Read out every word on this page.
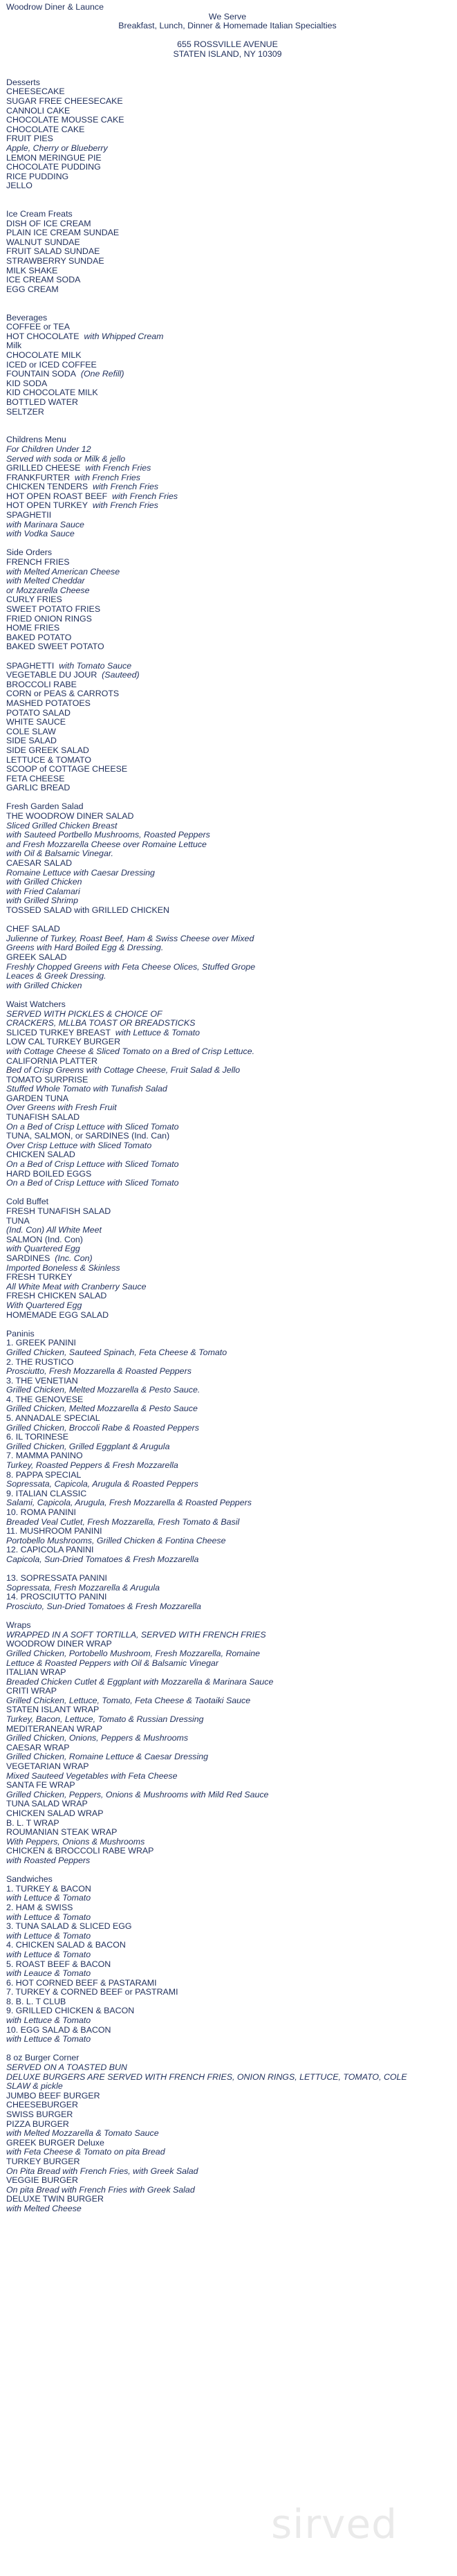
Woodrow Diner & Launce
We Serve
Breakfast, Lunch, Dinner & Homemade Italian Specialties
655 ROSSVILLE AVENUE
STATEN ISLAND, NY 10309
Desserts
CHEESECAKE
SUGAR FREE CHEESECAKE
CANNOLI CAKE
CHOCOLATE MOUSSE CAKE
CHOCOLATE CAKE
FRUIT PIES
Apple, Cherry or Blueberry
LEMON MERINGUE PIE
CHOCOLATE PUDDING
RICE PUDDING
JELLO
Ice Cream Freats
DISH OF ICE CREAM
PLAIN ICE CREAM SUNDAE
WALNUT SUNDAE
FRUIT SALAD SUNDAE
STRAWBERRY SUNDAE
MILK SHAKE
ICE CREAM SODA
EGG CREAM
Beverages
COFFEE or TEA
HOT CHOCOLATE with Whipped Cream
Milk
CHOCOLATE MILK
ICED or ICED COFFEE
FOUNTAIN SODA (One Refill)
KID SODA
KID CHOCOLATE MILK
BOTTLED WATER
SELTZER
Childrens Menu
For Children Under 12
Served with soda or Milk & jello
GRILLED CHEESE with French Fries
FRANKFURTER with French Fries
CHICKEN TENDERS with French Fries
HOT OPEN ROAST BEEF with French Fries
HOT OPEN TURKEY with French Fries
SPAGHETII
with Marinara Sauce
with Vodka Sauce
Side Orders
FRENCH FRIES
with Melted American Cheese
with Melted Cheddar
or Mozzarella Cheese
CURLY FRIES
SWEET POTATO FRIES
FRIED ONION RINGS
HOME FRIES
BAKED POTATO
BAKED SWEET POTATO
SPAGHETTI with Tomato Sauce
VEGETABLE DU JOUR (Sauteed)
BROCCOLI RABE
CORN or PEAS & CARROTS
MASHED POTATOES
POTATO SALAD
WHITE SAUCE
COLE SLAW
SIDE SALAD
SIDE GREEK SALAD
LETTUCE & TOMATO
SCOOP of COTTAGE CHEESE
FETA CHEESE
GARLIC BREAD
Fresh Garden Salad
THE WOODROW DINER SALAD
Sliced Grilled Chicken Breast
with Sauteed Portbello Mushrooms, Roasted Peppers
and Fresh Mozzarella Cheese over Romaine Lettuce
with Oil & Balsamic Vinegar.
CAESAR SALAD
Romaine Lettuce with Caesar Dressing
with Grilled Chicken
with Fried Calamari
with Grilled Shrimp
TOSSED SALAD with GRILLED CHICKEN
CHEF SALAD
Julienne of Turkey, Roast Beef, Ham & Swiss Cheese over Mixed
Greens with Hard Boiled Egg & Dressing.
GREEK SALAD
Freshly Chopped Greens with Feta Cheese Olices, Stuffed Grope
Leaces & Greek Dressing.
with Grilled Chicken
Waist Watchers
SERVED WITH PICKLES & CHOICE OF
CRACKERS, MLLBA TOAST OR BREADSTICKS
SLICED TURKEY BREAST with Lettuce & Tomato
LOW CAL TURKEY BURGER
with Cottage Cheese & Sliced Tomato on a Bred of Crisp Lettuce.
CALIFORNIA PLATTER
Bed of Crisp Greens with Cottage Cheese, Fruit Salad & Jello
TOMATO SURPRISE
Stuffed Whole Tomato with Tunafish Salad
GARDEN TUNA
Over Greens with Fresh Fruit
TUNAFISH SALAD
On a Bed of Crisp Lettuce with Sliced Tomato
TUNA, SALMON, or SARDINES (Ind. Can)
Over Crisp Lettuce with Sliced Tomato
CHICKEN SALAD
On a Bed of Crisp Lettuce with Sliced Tomato
HARD BOILED EGGS
On a Bed of Crisp Lettuce with Sliced Tomato
Cold Buffet
FRESH TUNAFISH SALAD
TUNA
(Ind. Con) All White Meet
SALMON (Ind. Con)
with Quartered Egg
SARDINES (Inc. Con)
Imported Boneless & Skinless
FRESH TURKEY
All White Meat with Cranberry Sauce
FRESH CHICKEN SALAD
With Quartered Egg
HOMEMADE EGG SALAD
Paninis
1. GREEK PANINI
Grilled Chicken, Sauteed Spinach, Feta Cheese & Tomato
2. THE RUSTICO
Prosciutto, Fresh Mozzarella & Roasted Peppers
3. THE VENETIAN
Grilled Chicken, Melted Mozzarella & Pesto Sauce.
4. THE GENOVESE
Grilled Chicken, Melted Mozzarella & Pesto Sauce
5. ANNADALE SPECIAL
Grilled Chicken, Broccoli Rabe & Roasted Peppers
6. IL TORINESE
Grilled Chicken, Grilled Eggplant & Arugula
7. MAMMA PANINO
Turkey, Roasted Peppers & Fresh Mozzarella
8. PAPPA SPECIAL
Sopressata, Capicola, Arugula & Roasted Peppers
9. ITALIAN CLASSIC
Salami, Capicola, Arugula, Fresh Mozzarella & Roasted Peppers
10. ROMA PANINI
Breaded Veal Cutlet, Fresh Mozzarella, Fresh Tomato & Basil
11. MUSHROOM PANINI
Portobello Mushrooms, Grilled Chicken & Fontina Cheese
12. CAPICOLA PANINI
Capicola, Sun-Dried Tomatoes & Fresh Mozzarella
13. SOPRESSATA PANINI
Sopressata, Fresh Mozzarella & Arugula
14. PROSCIUTTO PANINI
Prosciuto, Sun-Dried Tomatoes & Fresh Mozzarella
Wraps
WRAPPED IN A SOFT TORTILLA, SERVED WITH FRENCH FRIES
WOODROW DINER WRAP
Grilled Chicken, Portobello Mushroom, Fresh Mozzarella, Romaine
Lettuce & Roasted Peppers with Oil & Balsamic Vinegar
ITALIAN WRAP
Breaded Chicken Cutlet & Eggplant with Mozzarella & Marinara Sauce
CRITI WRAP
Grilled Chicken, Lettuce, Tomato, Feta Cheese & Taotaiki Sauce
STATEN ISLANT WRAP
Turkey, Bacon, Lettuce, Tomato & Russian Dressing
MEDITERANEAN WRAP
Grilled Chicken, Onions, Peppers & Mushrooms
CAESAR WRAP
Grilled Chicken, Romaine Lettuce & Caesar Dressing
VEGETARIAN WRAP
Mixed Sauteed Vegetables with Feta Cheese
SANTA FE WRAP
Grilled Chicken, Peppers, Onions & Mushrooms with Mild Red Sauce
TUNA SALAD WRAP
CHICKEN SALAD WRAP
B. L. T WRAP
ROUMANIAN STEAK WRAP
With Peppers, Onions & Mushrooms
CHICKEN & BROCCOLI RABE WRAP
with Roasted Peppers
Sandwiches
1. TURKEY & BACON
with Lettuce & Tomato
2. HAM & SWISS
with Lettuce & Tomato
3. TUNA SALAD & SLICED EGG
with Lettuce & Tomato
4. CHICKEN SALAD & BACON
with Lettuce & Tomato
5. ROAST BEEF & BACON
with Leauce & Tomato
6. HOT CORNED BEEF & PASTARAMI
7. TURKEY & CORNED BEEF or PASTRAMI
8. B. L. T CLUB
9. GRILLED CHICKEN & BACON
with Lettuce & Tomato
10. EGG SALAD & BACON
with Lettuce & Tomato
8 oz Burger Corner
SERVED ON A TOASTED BUN
DELUXE BURGERS ARE SERVED WITH FRENCH FRIES, ONION RINGS, LETTUCE, TOMATO, COLE
SLAW & pickle
JUMBO BEEF BURGER
CHEESEBURGER
SWISS BURGER
PIZZA BURGER
with Melted Mozzarella & Tomato Sauce
GREEK BURGER Deluxe
with Feta Cheese & Tomato on pita Bread
TURKEY BURGER
On Pita Bread with French Fries, with Greek Salad
VEGGIE BURGER
On pita Bread with French Fries with Greek Salad
DELUXE TWIN BURGER
with Melted Cheese
sirved
